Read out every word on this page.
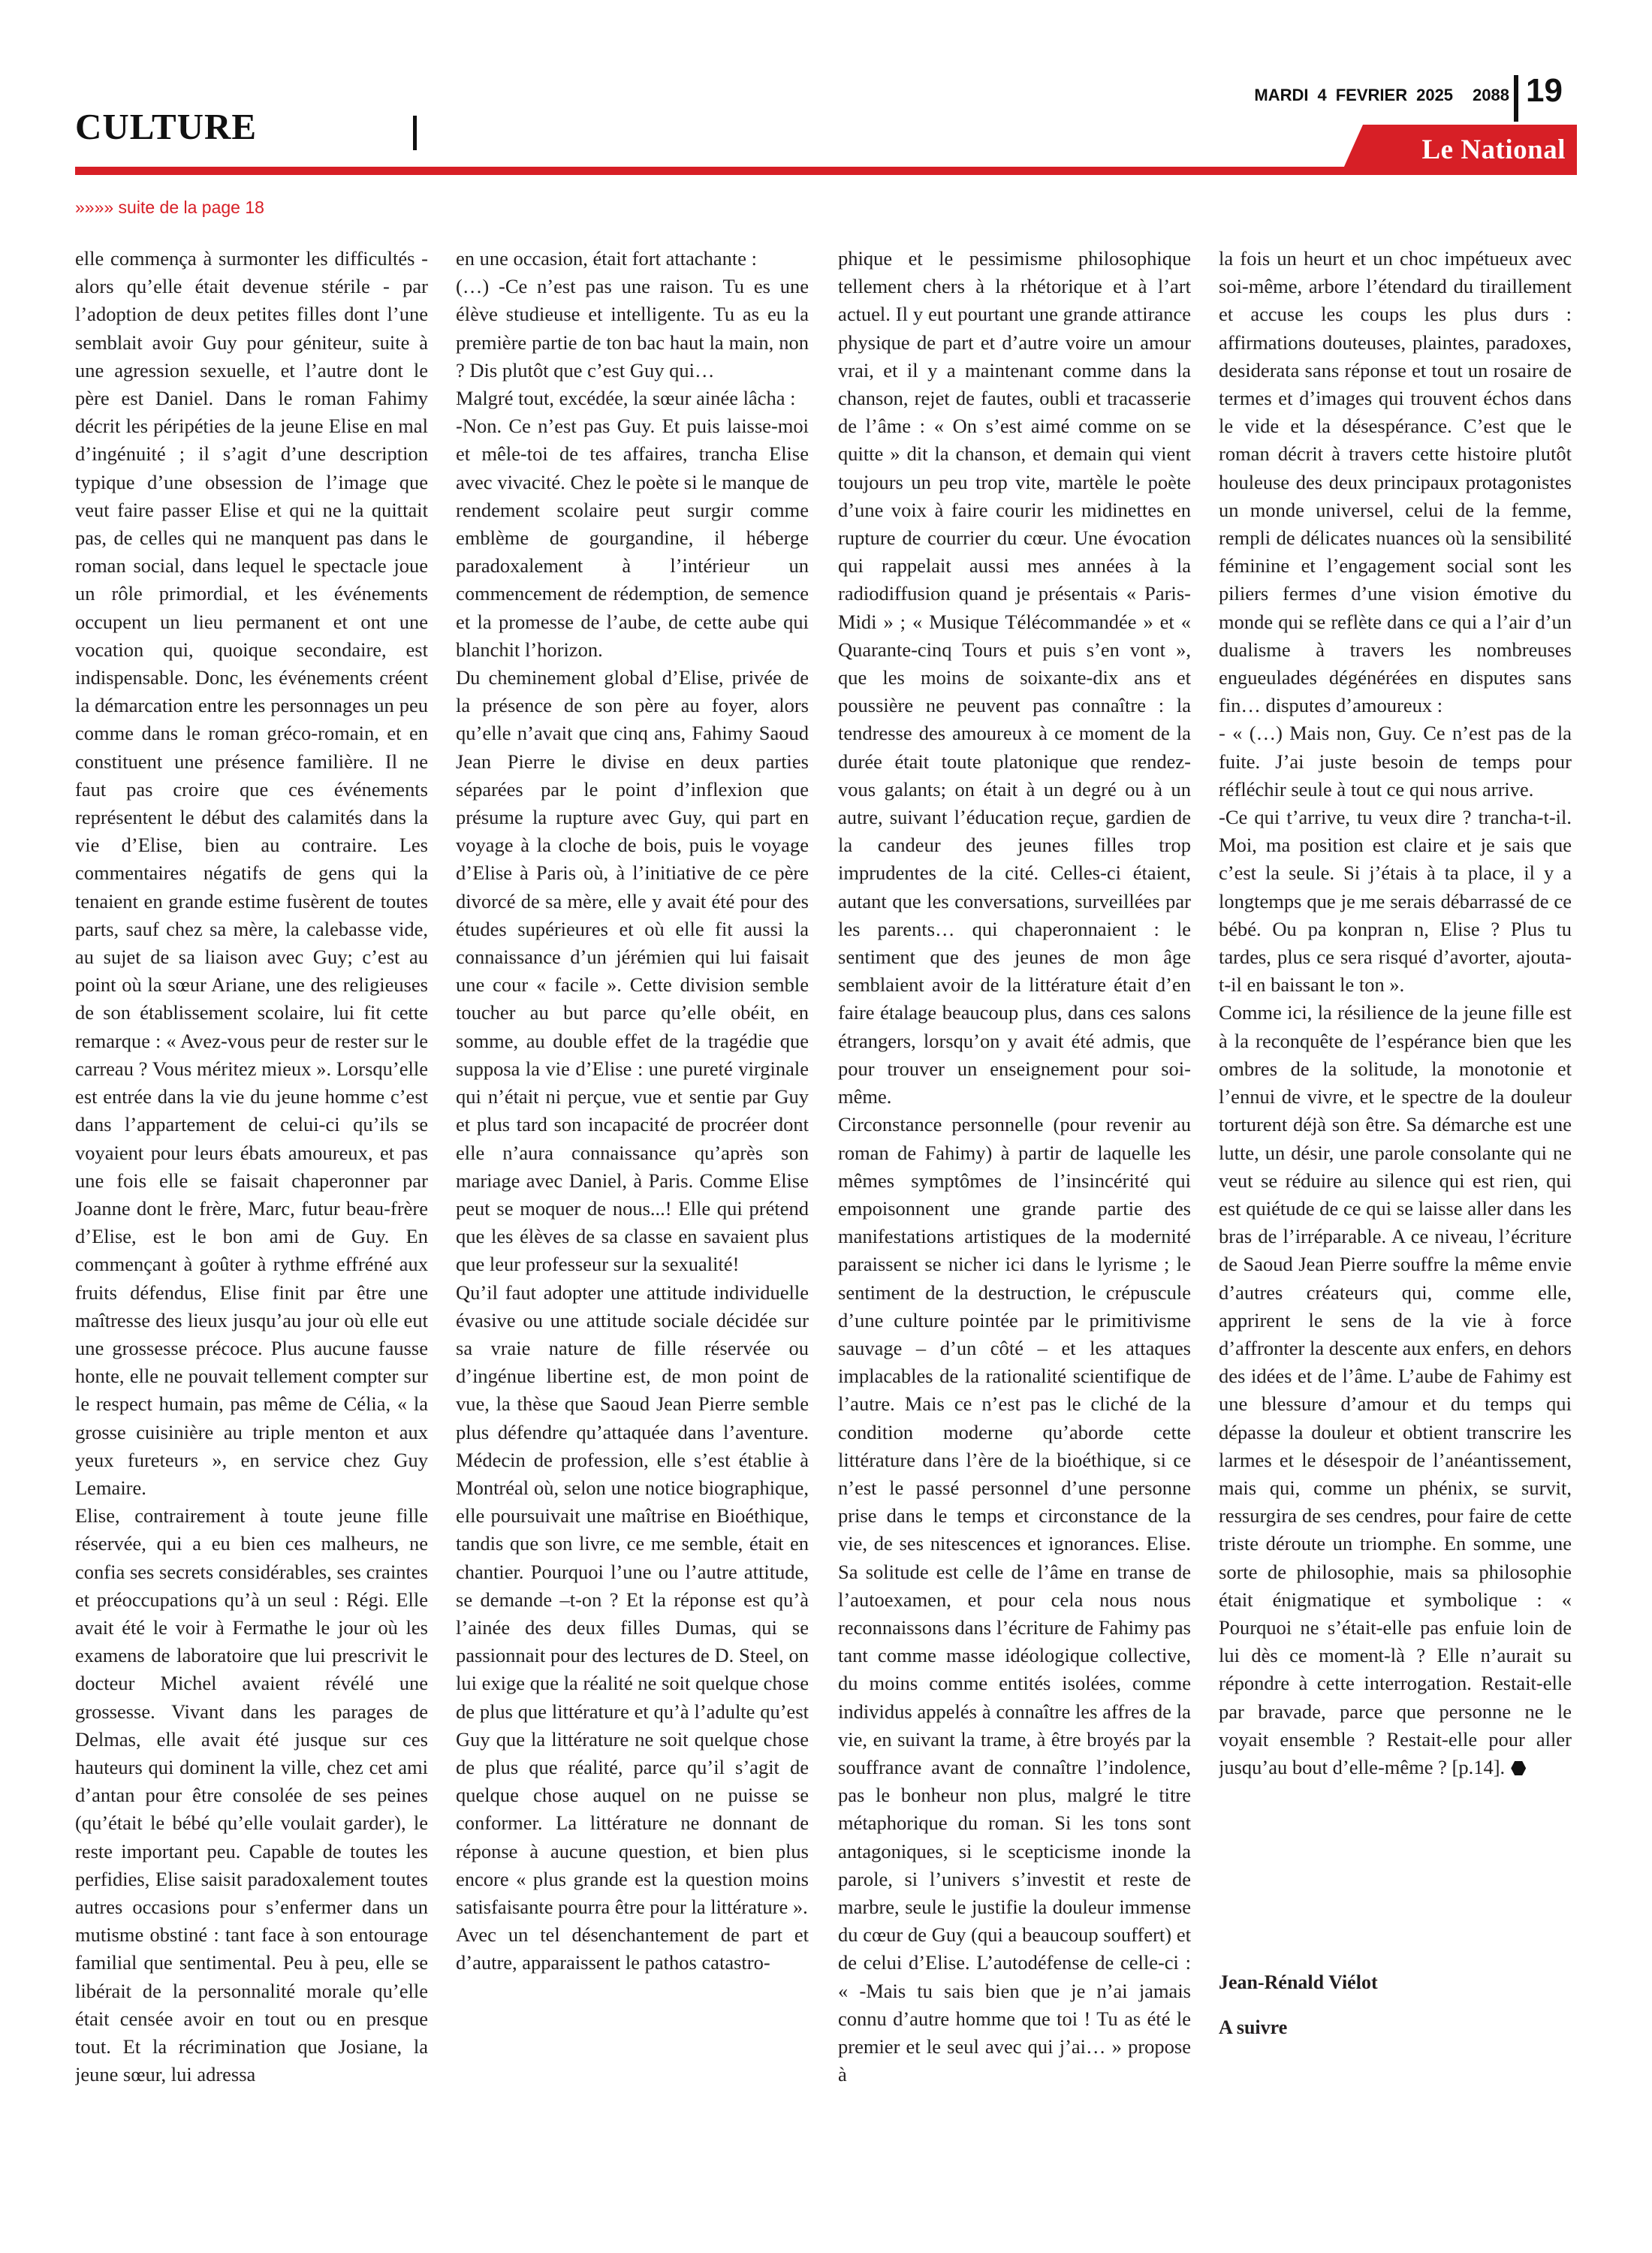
CULTURE
MARDI 4 FEVRIER 2025 2088 19
Le National
»»»» suite de la page 18

elle commença à surmonter les difficultés - alors qu’elle était devenue stérile - par l’adoption de deux petites filles dont l’une semblait avoir Guy pour géniteur, suite à une agression sexuelle, et l’autre dont le père est Daniel. Dans le roman Fahimy décrit les péripéties de la jeune Elise en mal d’ingénuité ; il s’agit d’une description typique d’une obsession de l’image que veut faire passer Elise et qui ne la quittait pas, de celles qui ne manquent pas dans le roman social, dans lequel le spectacle joue un rôle primordial, et les événements occupent un lieu permanent et ont une vocation qui, quoique secondaire, est indispensable. Donc, les événements créent la démarcation entre les personnages un peu comme dans le roman gréco-romain, et en constituent une présence familière. Il ne faut pas croire que ces événements représentent le début des calamités dans la vie d’Elise, bien au contraire. Les commentaires négatifs de gens qui la tenaient en grande estime fusèrent de toutes parts, sauf chez sa mère, la calebasse vide, au sujet de sa liaison avec Guy; c’est au point où la sœur Ariane, une des religieuses de son établissement scolaire, lui fit cette remarque : « Avez-vous peur de rester sur le carreau ? Vous méritez mieux ». Lorsqu’elle est entrée dans la vie du jeune homme c’est dans l’appartement de celui-ci qu’ils se voyaient pour leurs ébats amoureux, et pas une fois elle se faisait chaperonner par Joanne dont le frère, Marc, futur beau-frère d’Elise, est le bon ami de Guy. En commençant à goûter à rythme effréné aux fruits défendus, Elise finit par être une maîtresse des lieux jusqu’au jour où elle eut une grossesse précoce. Plus aucune fausse honte, elle ne pouvait tellement compter sur le respect humain, pas même de Célia, « la grosse cuisinière au triple menton et aux yeux fureteurs », en service chez Guy Lemaire.
Elise, contrairement à toute jeune fille réservée, qui a eu bien ces malheurs, ne confia ses secrets considérables, ses craintes et préoccupations qu’à un seul : Régi. Elle avait été le voir à Fermathe le jour où les examens de laboratoire que lui prescrivit le docteur Michel avaient révélé une grossesse. Vivant dans les parages de Delmas, elle avait été jusque sur ces hauteurs qui dominent la ville, chez cet ami d’antan pour être consolée de ses peines (qu’était le bébé qu’elle voulait garder), le reste important peu. Capable de toutes les perfidies, Elise saisit paradoxalement toutes autres occasions pour s’enfermer dans un mutisme obstiné : tant face à son entourage familial que sentimental. Peu à peu, elle se libérait de la personnalité morale qu’elle était censée avoir en tout ou en presque tout. Et la récrimination que Josiane, la jeune sœur, lui adressa

en une occasion, était fort attachante :
(…) -Ce n’est pas une raison. Tu es une élève studieuse et intelligente. Tu as eu la première partie de ton bac haut la main, non ? Dis plutôt que c’est Guy qui…
Malgré tout, excédée, la sœur ainée lâcha :
-Non. Ce n’est pas Guy. Et puis laisse-moi et mêle-toi de tes affaires, trancha Elise avec vivacité. Chez le poète si le manque de rendement scolaire peut surgir comme emblème de gourgandine, il héberge paradoxalement à l’intérieur un commencement de rédemption, de semence et la promesse de l’aube, de cette aube qui blanchit l’horizon.
Du cheminement global d’Elise, privée de la présence de son père au foyer, alors qu’elle n’avait que cinq ans, Fahimy Saoud Jean Pierre le divise en deux parties séparées par le point d’inflexion que présume la rupture avec Guy, qui part en voyage à la cloche de bois, puis le voyage d’Elise à Paris où, à l’initiative de ce père divorcé de sa mère, elle y avait été pour des études supérieures et où elle fit aussi la connaissance d’un jérémien qui lui faisait une cour « facile ». Cette division semble toucher au but parce qu’elle obéit, en somme, au double effet de la tragédie que supposa la vie d’Elise : une pureté virginale qui n’était ni perçue, vue et sentie par Guy et plus tard son incapacité de procréer dont elle n’aura connaissance qu’après son mariage avec Daniel, à Paris. Comme Elise peut se moquer de nous...! Elle qui prétend que les élèves de sa classe en savaient plus que leur professeur sur la sexualité!
Qu’il faut adopter une attitude individuelle évasive ou une attitude sociale décidée sur sa vraie nature de fille réservée ou d’ingénue libertine est, de mon point de vue, la thèse que Saoud Jean Pierre semble plus défendre qu’attaquée dans l’aventure. Médecin de profession, elle s’est établie à Montréal où, selon une notice biographique, elle poursuivait une maîtrise en Bioéthique, tandis que son livre, ce me semble, était en chantier. Pourquoi l’une ou l’autre attitude, se demande –t-on ? Et la réponse est qu’à l’ainée des deux filles Dumas, qui se passionnait pour des lectures de D. Steel, on lui exige que la réalité ne soit quelque chose de plus que littérature et qu’à l’adulte qu’est Guy que la littérature ne soit quelque chose de plus que réalité, parce qu’il s’agit de quelque chose auquel on ne puisse se conformer. La littérature ne donnant de réponse à aucune question, et bien plus encore « plus grande est la question moins satisfaisante pourra être pour la littérature ».
Avec un tel désenchantement de part et d’autre, apparaissent le pathos catastro-

phique et le pessimisme philosophique tellement chers à la rhétorique et à l’art actuel. Il y eut pourtant une grande attirance physique de part et d’autre voire un amour vrai, et il y a maintenant comme dans la chanson, rejet de fautes, oubli et tracasserie de l’âme : « On s’est aimé comme on se quitte » dit la chanson, et demain qui vient toujours un peu trop vite, martèle le poète d’une voix à faire courir les midinettes en rupture de courrier du cœur. Une évocation qui rappelait aussi mes années à la radiodiffusion quand je présentais « Paris-Midi » ; « Musique Télécommandée » et « Quarante-cinq Tours et puis s’en vont », que les moins de soixante-dix ans et poussière ne peuvent pas connaître : la tendresse des amoureux à ce moment de la durée était toute platonique que rendez-vous galants; on était à un degré ou à un autre, suivant l’éducation reçue, gardien de la candeur des jeunes filles trop imprudentes de la cité. Celles-ci étaient, autant que les conversations, surveillées par les parents… qui chaperonnaient : le sentiment que des jeunes de mon âge semblaient avoir de la littérature était d’en faire étalage beaucoup plus, dans ces salons étrangers, lorsqu’on y avait été admis, que pour trouver un enseignement pour soi-même.
Circonstance personnelle (pour revenir au roman de Fahimy) à partir de laquelle les mêmes symptômes de l’insincérité qui empoisonnent une grande partie des manifestations artistiques de la modernité paraissent se nicher ici dans le lyrisme ; le sentiment de la destruction, le crépuscule d’une culture pointée par le primitivisme sauvage – d’un côté – et les attaques implacables de la rationalité scientifique de l’autre. Mais ce n’est pas le cliché de la condition moderne qu’aborde cette littérature dans l’ère de la bioéthique, si ce n’est le passé personnel d’une personne prise dans le temps et circonstance de la vie, de ses nitescences et ignorances. Elise. Sa solitude est celle de l’âme en transe de l’autoexamen, et pour cela nous nous reconnaissons dans l’écriture de Fahimy pas tant comme masse idéologique collective, du moins comme entités isolées, comme individus appelés à connaître les affres de la vie, en suivant la trame, à être broyés par la souffrance avant de connaître l’indolence, pas le bonheur non plus, malgré le titre métaphorique du roman. Si les tons sont antagoniques, si le scepticisme inonde la parole, si l’univers s’investit et reste de marbre, seule le justifie la douleur immense du cœur de Guy (qui a beaucoup souffert) et de celui d’Elise. L’autodéfense de celle-ci : « -Mais tu sais bien que je n’ai jamais connu d’autre homme que toi ! Tu as été le premier et le seul avec qui j’ai… » propose à

la fois un heurt et un choc impétueux avec soi-même, arbore l’étendard du tiraillement et accuse les coups les plus durs : affirmations douteuses, plaintes, paradoxes, desiderata sans réponse et tout un rosaire de termes et d’images qui trouvent échos dans le vide et la désespérance. C’est que le roman décrit à travers cette histoire plutôt houleuse des deux principaux protagonistes un monde universel, celui de la femme, rempli de délicates nuances où la sensibilité féminine et l’engagement social sont les piliers fermes d’une vision émotive du monde qui se reflète dans ce qui a l’air d’un dualisme à travers les nombreuses engueulades dégénérées en disputes sans fin… disputes d’amoureux :
- « (…) Mais non, Guy. Ce n’est pas de la fuite. J’ai juste besoin de temps pour réfléchir seule à tout ce qui nous arrive.
-Ce qui t’arrive, tu veux dire ? trancha-t-il. Moi, ma position est claire et je sais que c’est la seule. Si j’étais à ta place, il y a longtemps que je me serais débarrassé de ce bébé. Ou pa konpran n, Elise ? Plus tu tardes, plus ce sera risqué d’avorter, ajouta-t-il en baissant le ton ».
Comme ici, la résilience de la jeune fille est à la reconquête de l’espérance bien que les ombres de la solitude, la monotonie et l’ennui de vivre, et le spectre de la douleur torturent déjà son être. Sa démarche est une lutte, un désir, une parole consolante qui ne veut se réduire au silence qui est rien, qui est quiétude de ce qui se laisse aller dans les bras de l’irréparable. A ce niveau, l’écriture de Saoud Jean Pierre souffre la même envie d’autres créateurs qui, comme elle, apprirent le sens de la vie à force d’affronter la descente aux enfers, en dehors des idées et de l’âme. L’aube de Fahimy est une blessure d’amour et du temps qui dépasse la douleur et obtient transcrire les larmes et le désespoir de l’anéantissement, mais qui, comme un phénix, se survit, ressurgira de ses cendres, pour faire de cette triste déroute un triomphe. En somme, une sorte de philosophie, mais sa philosophie était énigmatique et symbolique : « Pourquoi ne s’était-elle pas enfuie loin de lui dès ce moment-là ? Elle n’aurait su répondre à cette interrogation. Restait-elle par bravade, parce que personne ne le voyait ensemble ? Restait-elle pour aller jusqu’au bout d’elle-même ? [p.14].

Jean-Rénald Viélot
A suivre
